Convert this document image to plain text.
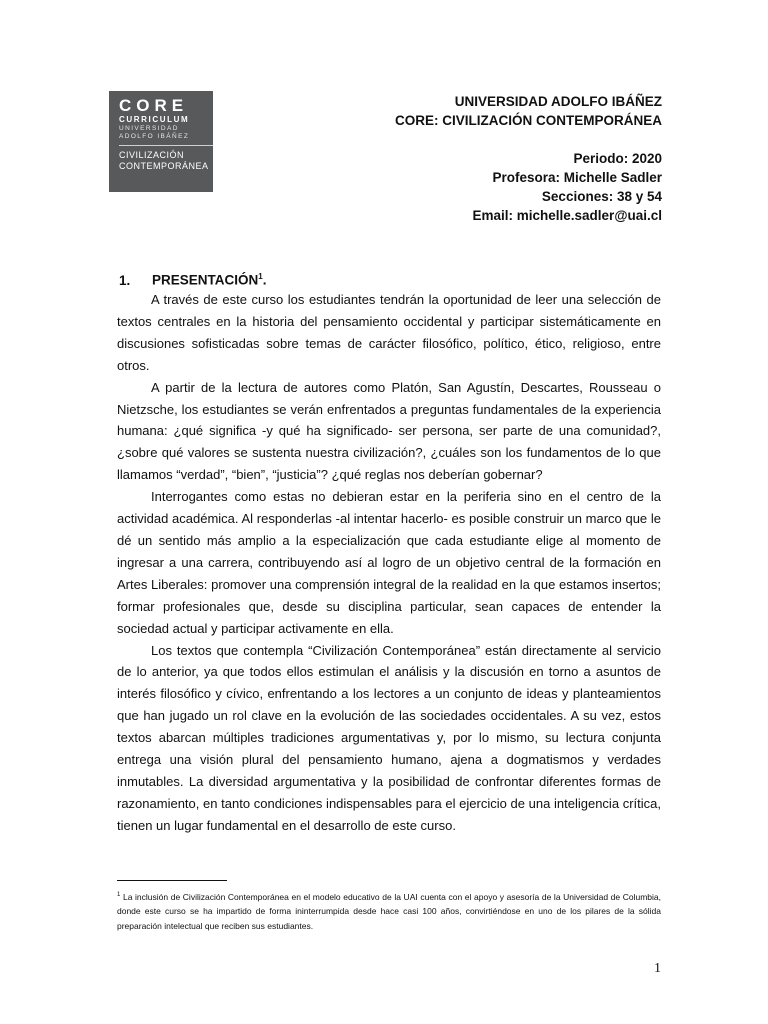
CORE
CURRICULUM
UNIVERSIDAD
ADOLFO IBÁÑEZ
CIVILIZACIÓN
CONTEMPORÁNEA
UNIVERSIDAD ADOLFO IBÁÑEZ
CORE: CIVILIZACIÓN CONTEMPORÁNEA
Periodo: 2020
Profesora: Michelle Sadler
Secciones: 38 y 54
Email: michelle.sadler@uai.cl
1. PRESENTACIÓN$^1$.

A través de este curso los estudiantes tendrán la oportunidad de leer una selección de textos centrales en la historia del pensamiento occidental y participar sistemáticamente en discusiones sofisticadas sobre temas de carácter filosófico, político, ético, religioso, entre otros.

A partir de la lectura de autores como Platón, San Agustín, Descartes, Rousseau o Nietzsche, los estudiantes se verán enfrentados a preguntas fundamentales de la experiencia humana: ¿qué significa -y qué ha significado- ser persona, ser parte de una comunidad?, ¿sobre qué valores se sustenta nuestra civilización?, ¿cuáles son los fundamentos de lo que llamamos “verdad”, “bien”, “justicia”? ¿qué reglas nos deberían gobernar?

Interrogantes como estas no debieran estar en la periferia sino en el centro de la actividad académica. Al responderlas -al intentar hacerlo- es posible construir un marco que le dé un sentido más amplio a la especialización que cada estudiante elige al momento de ingresar a una carrera, contribuyendo así al logro de un objetivo central de la formación en Artes Liberales: promover una comprensión integral de la realidad en la que estamos insertos; formar profesionales que, desde su disciplina particular, sean capaces de entender la sociedad actual y participar activamente en ella.

Los textos que contempla “Civilización Contemporánea” están directamente al servicio de lo anterior, ya que todos ellos estimulan el análisis y la discusión en torno a asuntos de interés filosófico y cívico, enfrentando a los lectores a un conjunto de ideas y planteamientos que han jugado un rol clave en la evolución de las sociedades occidentales. A su vez, estos textos abarcan múltiples tradiciones argumentativas y, por lo mismo, su lectura conjunta entrega una visión plural del pensamiento humano, ajena a dogmatismos y verdades inmutables. La diversidad argumentativa y la posibilidad de confrontar diferentes formas de razonamiento, en tanto condiciones indispensables para el ejercicio de una inteligencia crítica, tienen un lugar fundamental en el desarrollo de este curso.

$^1$ La inclusión de Civilización Contemporánea en el modelo educativo de la UAI cuenta con el apoyo y asesoría de la Universidad de Columbia, donde este curso se ha impartido de forma ininterrumpida desde hace casi 100 años, convirtiéndose en uno de los pilares de la sólida preparación intelectual que reciben sus estudiantes.
1
